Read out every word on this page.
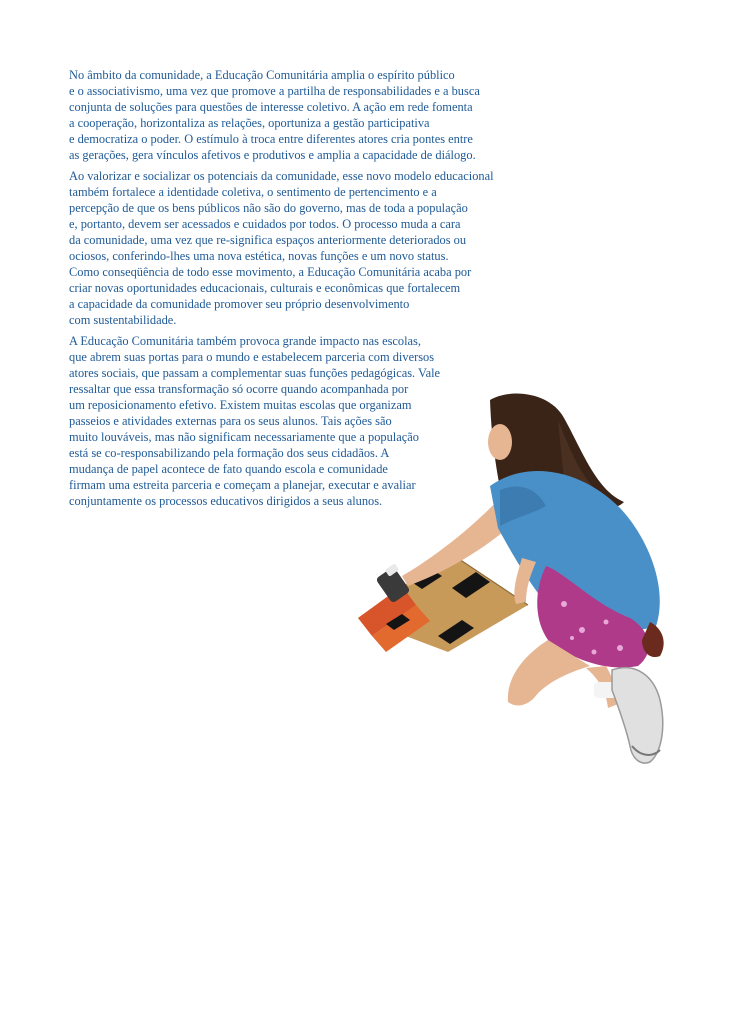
No âmbito da comunidade, a Educação Comunitária amplia o espírito público
e o associativismo, uma vez que promove a partilha de responsabilidades e a busca
conjunta de soluções para questões de interesse coletivo. A ação em rede fomenta
a cooperação, horizontaliza as relações, oportuniza a gestão participativa
e democratiza o poder. O estímulo à troca entre diferentes atores cria pontes entre
as gerações, gera vínculos afetivos e produtivos e amplia a capacidade de diálogo.

Ao valorizar e socializar os potenciais da comunidade, esse novo modelo educacional
também fortalece a identidade coletiva, o sentimento de pertencimento e a
percepção de que os bens públicos não são do governo, mas de toda a população
e, portanto, devem ser acessados e cuidados por todos. O processo muda a cara
da comunidade, uma vez que re-significa espaços anteriormente deteriorados ou
ociosos, conferindo-lhes uma nova estética, novas funções e um novo status.
Como conseqüência de todo esse movimento, a Educação Comunitária acaba por
criar novas oportunidades educacionais, culturais e econômicas que fortalecem
a capacidade da comunidade promover seu próprio desenvolvimento
com sustentabilidade.

A Educação Comunitária também provoca grande impacto nas escolas,
que abrem suas portas para o mundo e estabelecem parceria com diversos
atores sociais, que passam a complementar suas funções pedagógicas. Vale
ressaltar que essa transformação só ocorre quando acompanhada por
um reposicionamento efetivo. Existem muitas escolas que organizam
passeios e atividades externas para os seus alunos. Tais ações são
muito louváveis, mas não significam necessariamente que a população
está se co-responsabilizando pela formação dos seus cidadãos. A
mudança de papel acontece de fato quando escola e comunidade
firmam uma estreita parceria e começam a planejar, executar e avaliar
conjuntamente os processos educativos dirigidos a seus alunos.
